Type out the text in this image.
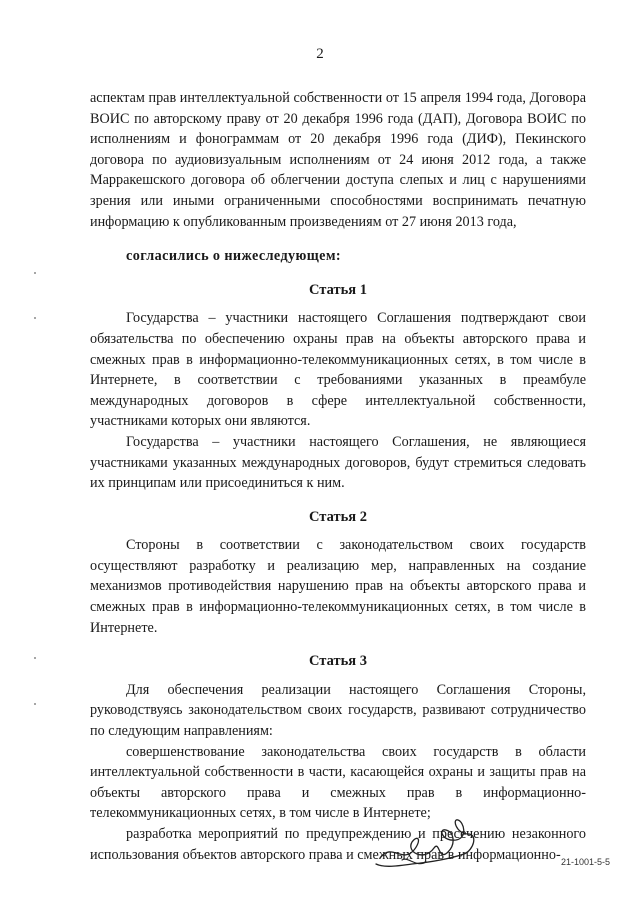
2

аспектам прав интеллектуальной собственности от 15 апреля 1994 года, Договора ВОИС по авторскому праву от 20 декабря 1996 года (ДАП), Договора ВОИС по исполнениям и фонограммам от 20 декабря 1996 года (ДИФ), Пекинского договора по аудиовизуальным исполнениям от 24 июня 2012 года, а также Марракешского договора об облегчении доступа слепых и лиц с нарушениями зрения или иными ограниченными способностями воспринимать печатную информацию к опубликованным произведениям от 27 июня 2013 года,

согласились о нижеследующем:

Статья 1

Государства – участники настоящего Соглашения подтверждают свои обязательства по обеспечению охраны прав на объекты авторского права и смежных прав в информационно-телекоммуникационных сетях, в том числе в Интернете, в соответствии с требованиями указанных в преамбуле международных договоров в сфере интеллектуальной собственности, участниками которых они являются.

Государства – участники настоящего Соглашения, не являющиеся участниками указанных международных договоров, будут стремиться следовать их принципам или присоединиться к ним.

Статья 2

Стороны в соответствии с законодательством своих государств осуществляют разработку и реализацию мер, направленных на создание механизмов противодействия нарушению прав на объекты авторского права и смежных прав в информационно-телекоммуникационных сетях, в том числе в Интернете.

Статья 3

Для обеспечения реализации настоящего Соглашения Стороны, руководствуясь законодательством своих государств, развивают сотрудничество по следующим направлениям:

совершенствование законодательства своих государств в области интеллектуальной собственности в части, касающейся охраны и защиты прав на объекты авторского права и смежных прав в информационно-телекоммуникационных сетях, в том числе в Интернете;

разработка мероприятий по предупреждению и пресечению незаконного использования объектов авторского права и смежных прав в информационно- 21-1001-5-5
